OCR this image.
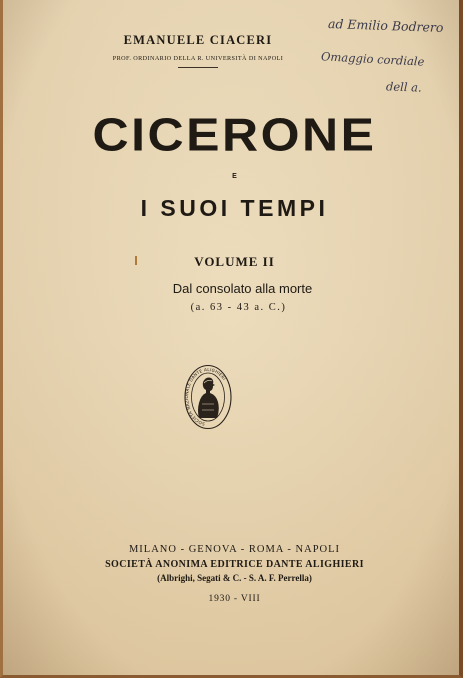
ad Emilio Bodrero
Omaggio cordiale
dell a.

EMANUELE CIACERI

PROF. ORDINARIO DELLA R. UNIVERSITÀ DI NAPOLI

CICERONE

E

I SUOI TEMPI

VOLUME II

Dal consolato alla morte

(a. 63 - 43 a. C.)

SOCIETÀ NAZIONALE DANTE ALIGHIERI

MILANO - GENOVA - ROMA - NAPOLI

SOCIETÀ ANONIMA EDITRICE DANTE ALIGHIERI

(Albrighi, Segati & C. - S. A. F. Perrella)

1930 - VIII
